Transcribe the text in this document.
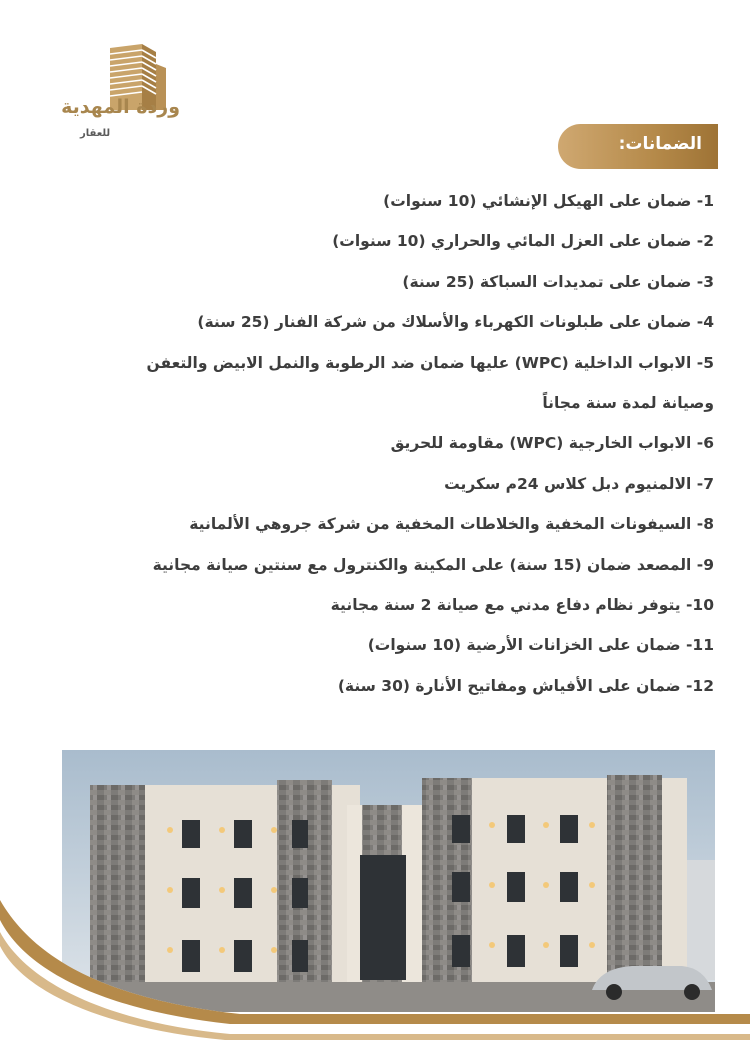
وردة المهدية
للعقار
الضمانات:
1- ضمان على الهيكل الإنشائي (10 سنوات)
2- ضمان على العزل المائي والحراري (10 سنوات)
3- ضمان على تمديدات السباكة (25 سنة)
4- ضمان على طبلونات الكهرباء والأسلاك من شركة الفنار (25 سنة)
5- الابواب الداخلية (WPC) عليها ضمان ضد الرطوبة والنمل الابيض والتعفن
وصيانة لمدة سنة مجاناً
6- الابواب الخارجية (WPC) مقاومة للحريق
7- الالمنيوم دبل كلاس 24م سكريت
8- السيفونات المخفية والخلاطات المخفية من شركة جروهي الألمانية
9- المصعد ضمان (15 سنة) على المكينة والكنترول مع سنتين صيانة مجانية
10- يتوفر نظام دفاع مدني مع صيانة 2 سنة مجانية
11- ضمان على الخزانات الأرضية (10 سنوات)
12- ضمان على الأفياش ومفاتيح الأنارة (30 سنة)
